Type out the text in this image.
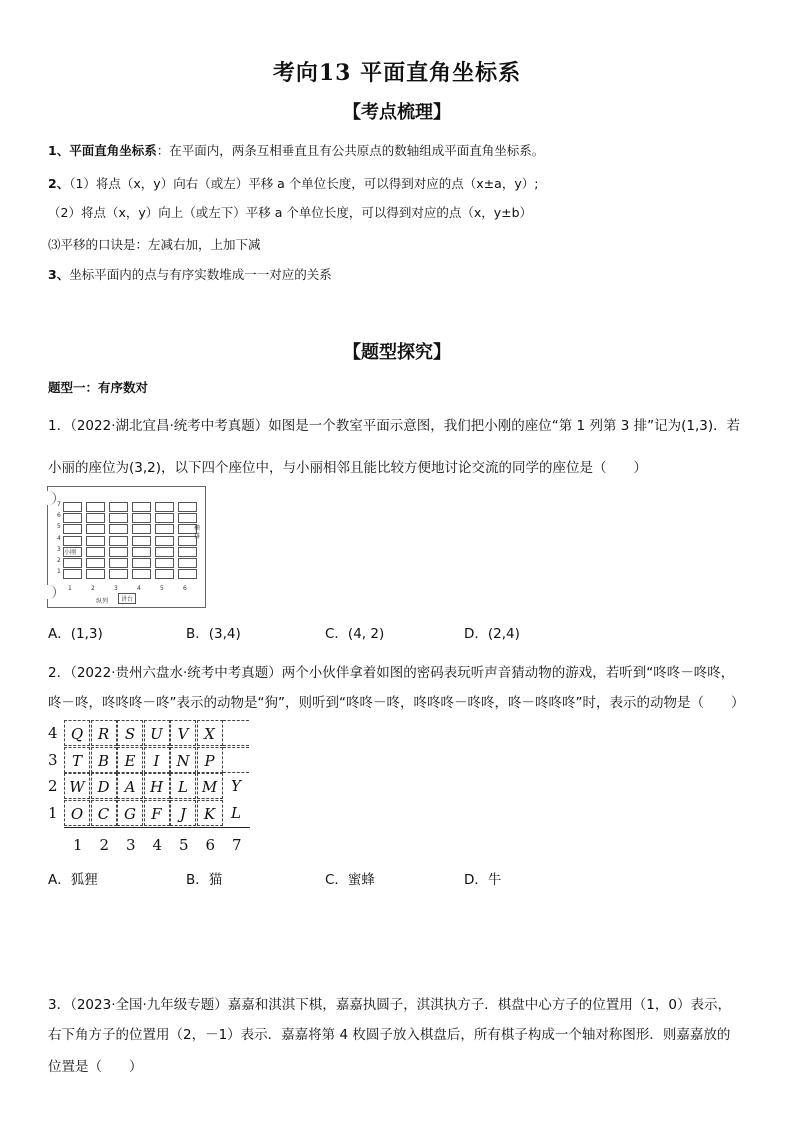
考向13 平面直角坐标系
【考点梳理】
1、平面直角坐标系：在平面内，两条互相垂直且有公共原点的数轴组成平面直角坐标系。
2、（1）将点（x，y）向右（或左）平移 a 个单位长度，可以得到对应的点（x±a，y）;
（2）将点（x，y）向上（或左下）平移 a 个单位长度，可以得到对应的点（x，y±b）
⑶平移的口诀是：左减右加，上加下减
3、坐标平面内的点与有序实数堆成一一对应的关系
【题型探究】
题型一：有序数对
1．（2022·湖北宜昌·统考中考真题）如图是一个教室平面示意图，我们把小刚的座位“第 1 列第 3 排”记为(1,3)．若
小丽的座位为(3,2)，以下四个座位中，与小丽相邻且能比较方便地讨论交流的同学的座位是（　　）
7
6
5
4
3
2
1
小刚
1	2	3	4	5	6
横排
纵列	讲台
A．(1,3)	B．(3,4)	C．(4, 2)	D．(2,4)
2．（2022·贵州六盘水·统考中考真题）两个小伙伴拿着如图的密码表玩听声音猜动物的游戏，若听到“咚咚－咚咚，
咚－咚，咚咚咚－咚”表示的动物是“狗”，则听到“咚咚－咚，咚咚咚－咚咚，咚－咚咚咚”时，表示的动物是（　　）
4 Q R	S	U V	X
3 T	B	E	I	N P
2 W D	A H L M Y
1 O C G	F	J	K	L
1 2 3 4 5 6 7
A．狐狸	B．猫	C．蜜蜂	D．牛
3．（2023·全国·九年级专题）嘉嘉和淇淇下棋，嘉嘉执圆子，淇淇执方子．棋盘中心方子的位置用（1，0）表示，
右下角方子的位置用（2，－1）表示．嘉嘉将第 4 枚圆子放入棋盘后，所有棋子构成一个轴对称图形．则嘉嘉放的
位置是（　　）
